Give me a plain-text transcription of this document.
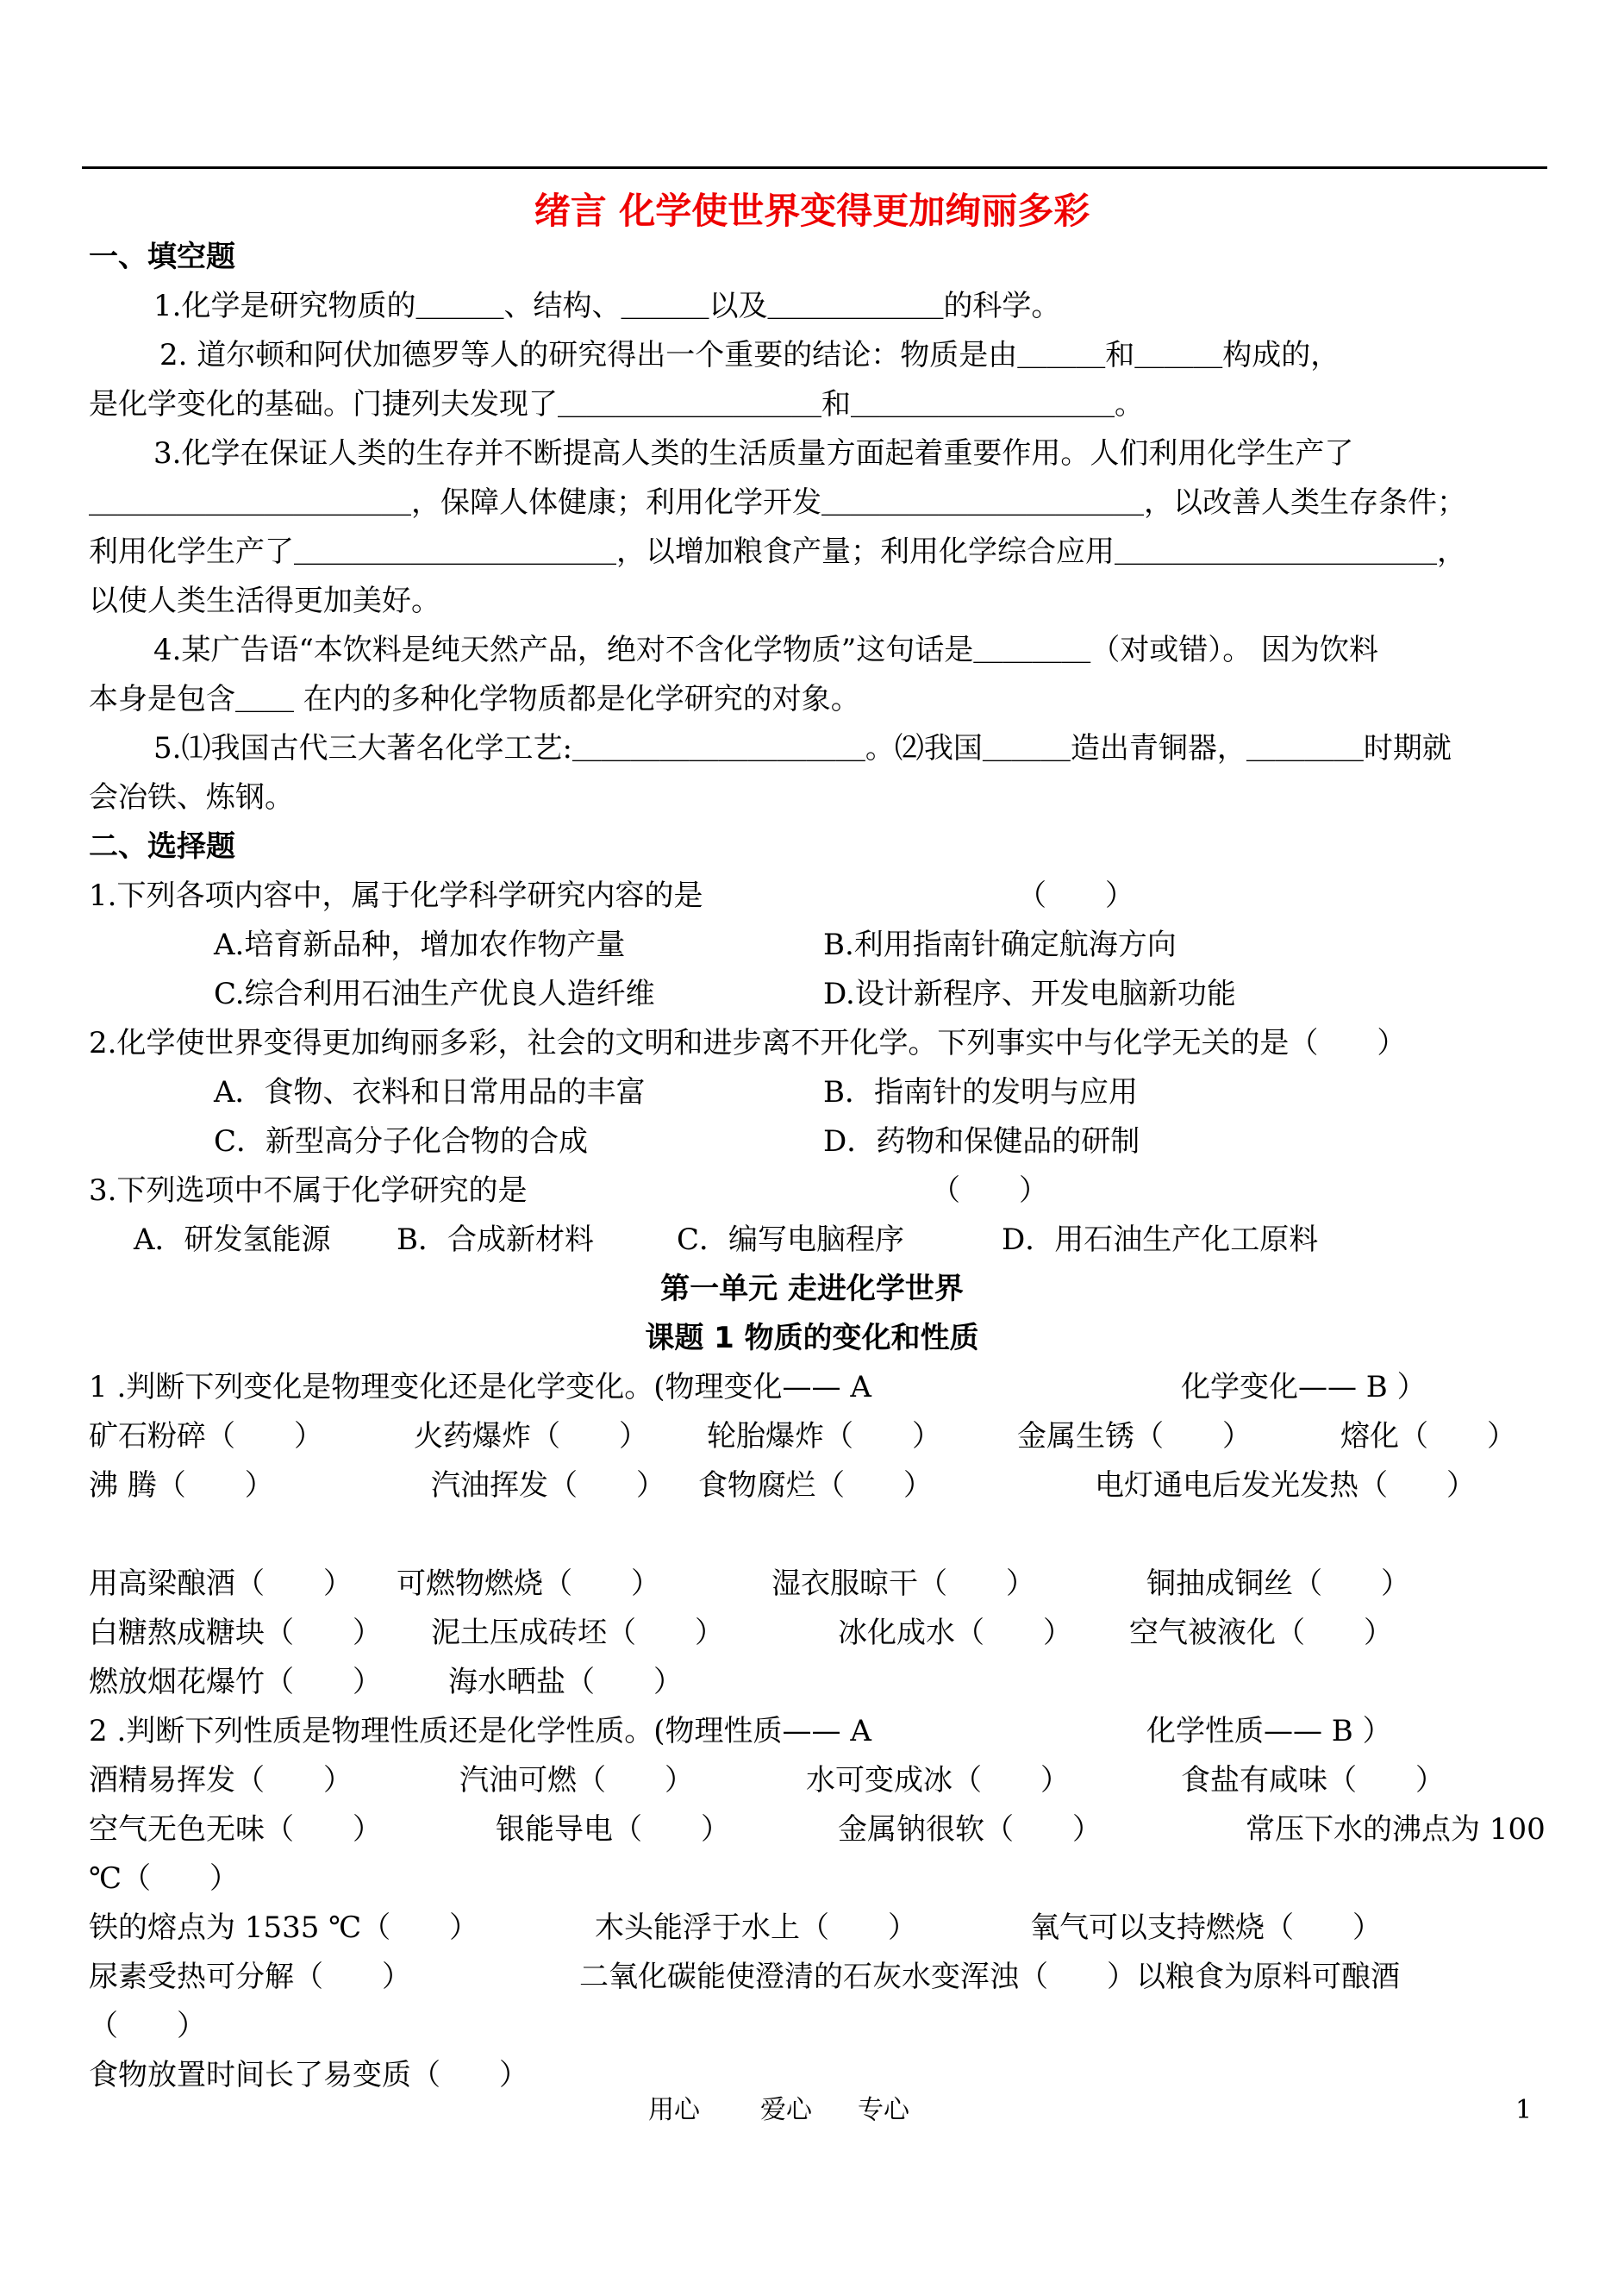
绪言 化学使世界变得更加绚丽多彩
一、填空题
1.化学是研究物质的＿＿＿、结构、＿＿＿以及＿＿＿＿＿＿的科学。
2. 道尔顿和阿伏加德罗等人的研究得出一个重要的结论：物质是由＿＿＿和＿＿＿构成的，
是化学变化的基础。门捷列夫发现了＿＿＿＿＿＿＿＿＿和＿＿＿＿＿＿＿＿＿。
3.化学在保证人类的生存并不断提高人类的生活质量方面起着重要作用。人们利用化学生产了
＿＿＿＿＿＿＿＿＿＿＿，保障人体健康；利用化学开发＿＿＿＿＿＿＿＿＿＿＿，以改善人类生存条件；
利用化学生产了＿＿＿＿＿＿＿＿＿＿＿，以增加粮食产量；利用化学综合应用＿＿＿＿＿＿＿＿＿＿＿，
以使人类生活得更加美好。
4.某广告语“本饮料是纯天然产品，绝对不含化学物质”这句话是＿＿＿＿（对或错）。 因为饮料
本身是包含＿＿ 在内的多种化学物质都是化学研究的对象。
5.⑴我国古代三大著名化学工艺:＿＿＿＿＿＿＿＿＿＿。⑵我国＿＿＿造出青铜器，＿＿＿＿时期就
会冶铁、炼钢。
二、选择题
1.下列各项内容中，属于化学科学研究内容的是	（　　）
A.培育新品种，增加农作物产量	B.利用指南针确定航海方向
C.综合利用石油生产优良人造纤维	D.设计新程序、开发电脑新功能
2.化学使世界变得更加绚丽多彩，社会的文明和进步离不开化学。下列事实中与化学无关的是（　　）
A．食物、衣料和日常用品的丰富	B．指南针的发明与应用
C．新型高分子化合物的合成	D．药物和保健品的研制
3.下列选项中不属于化学研究的是	（　　）
A．研发氢能源 B．合成新材料	C．编写电脑程序	D．用石油生产化工原料
第一单元 走进化学世界
课题 1 物质的变化和性质
1 .判断下列变化是物理变化还是化学变化。(物理变化—— A	化学变化—— B ）
矿石粉碎（　　）	火药爆炸（　　） 轮胎爆炸（　　）	金属生锈（　　）	熔化（　　）
沸 腾（　　）	汽油挥发（　　） 食物腐烂（　　）	电灯通电后发光发热（　　）
用高梁酿酒（　　） 可燃物燃烧（　　）	湿衣服晾干（　　）	铜抽成铜丝（　　）
白糖熬成糖块（　　） 泥土压成砖坯（　　）	冰化成水（　　） 空气被液化（　　）
燃放烟花爆竹（　　） 海水晒盐（　　）
2 .判断下列性质是物理性质还是化学性质。(物理性质—— A	化学性质—— B ）
酒精易挥发（　　）	汽油可燃（　　）	水可变成冰（　　）	食盐有咸味（　　）
空气无色无味（　　）	银能导电（　　）	金属钠很软（　　）	常压下水的沸点为 100
℃（　　）
铁的熔点为 1535 ℃（　　）	木头能浮于水上（　　）	氧气可以支持燃烧（　　）
尿素受热可分解（　　）	二氧化碳能使澄清的石灰水变浑浊（　　）以粮食为原料可酿酒
（　　）
食物放置时间长了易变质（　　）
用心 爱心 专心	1
